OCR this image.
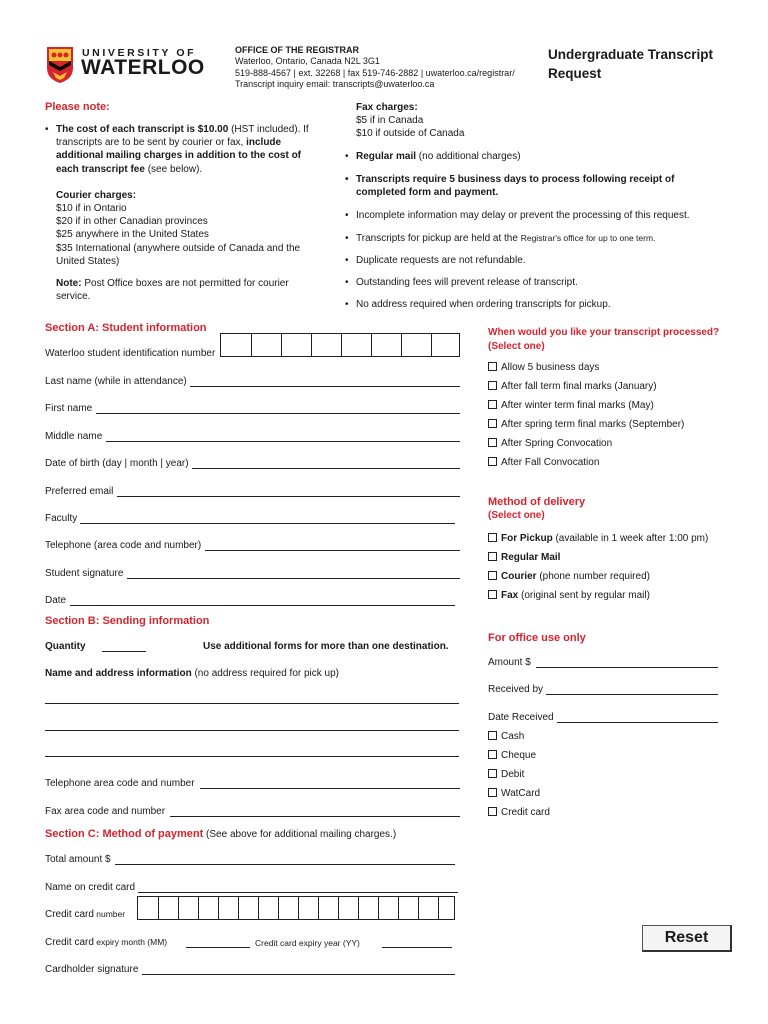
UNIVERSITY OF
WATERLOO
OFFICE OF THE REGISTRAR
Waterloo, Ontario, Canada N2L 3G1
519-888-4567 | ext. 32268 | fax 519-746-2882 | uwaterloo.ca/registrar/
Transcript inquiry email: transcripts@uwaterloo.ca
Undergraduate Transcript
Request
Please note:
• The cost of each transcript is $10.00 (HST included). If transcripts are to be sent by courier or fax, include additional mailing charges in addition to the cost of each transcript fee (see below).
Courier charges:
$10 if in Ontario
$20 if in other Canadian provinces
$25 anywhere in the United States
$35 International (anywhere outside of Canada and the United States)
Note: Post Office boxes are not permitted for courier service.
Fax charges:
$5 if in Canada
$10 if outside of Canada
• Regular mail (no additional charges)
• Transcripts require 5 business days to process following receipt of completed form and payment.
• Incomplete information may delay or prevent the processing of this request.
• Transcripts for pickup are held at the Registrar's office for up to one term.
• Duplicate requests are not refundable.
• Outstanding fees will prevent release of transcript.
• No address required when ordering transcripts for pickup.
Section A: Student information
Waterloo student identification number
Last name (while in attendance)
First name
Middle name
Date of birth (day | month | year)
Preferred email
Faculty
Telephone (area code and number)
Student signature
Date
Section B: Sending information
Quantity	Use additional forms for more than one destination.
Name and address information (no address required for pick up)
Telephone area code and number
Fax area code and number
Section C: Method of payment (See above for additional mailing charges.)
Total amount $
Name on credit card
Credit card number
Credit card expiry month (MM)	Credit card expiry year (YY)
Cardholder signature
When would you like your transcript processed?
(Select one)
Allow 5 business days
After fall term final marks (January)
After winter term final marks (May)
After spring term final marks (September)
After Spring Convocation
After Fall Convocation
Method of delivery
(Select one)
For Pickup (available in 1 week after 1:00 pm)
Regular Mail
Courier (phone number required)
Fax (original sent by regular mail)
For office use only
Amount $
Received by
Date Received
Cash
Cheque
Debit
WatCard
Credit card
Reset
